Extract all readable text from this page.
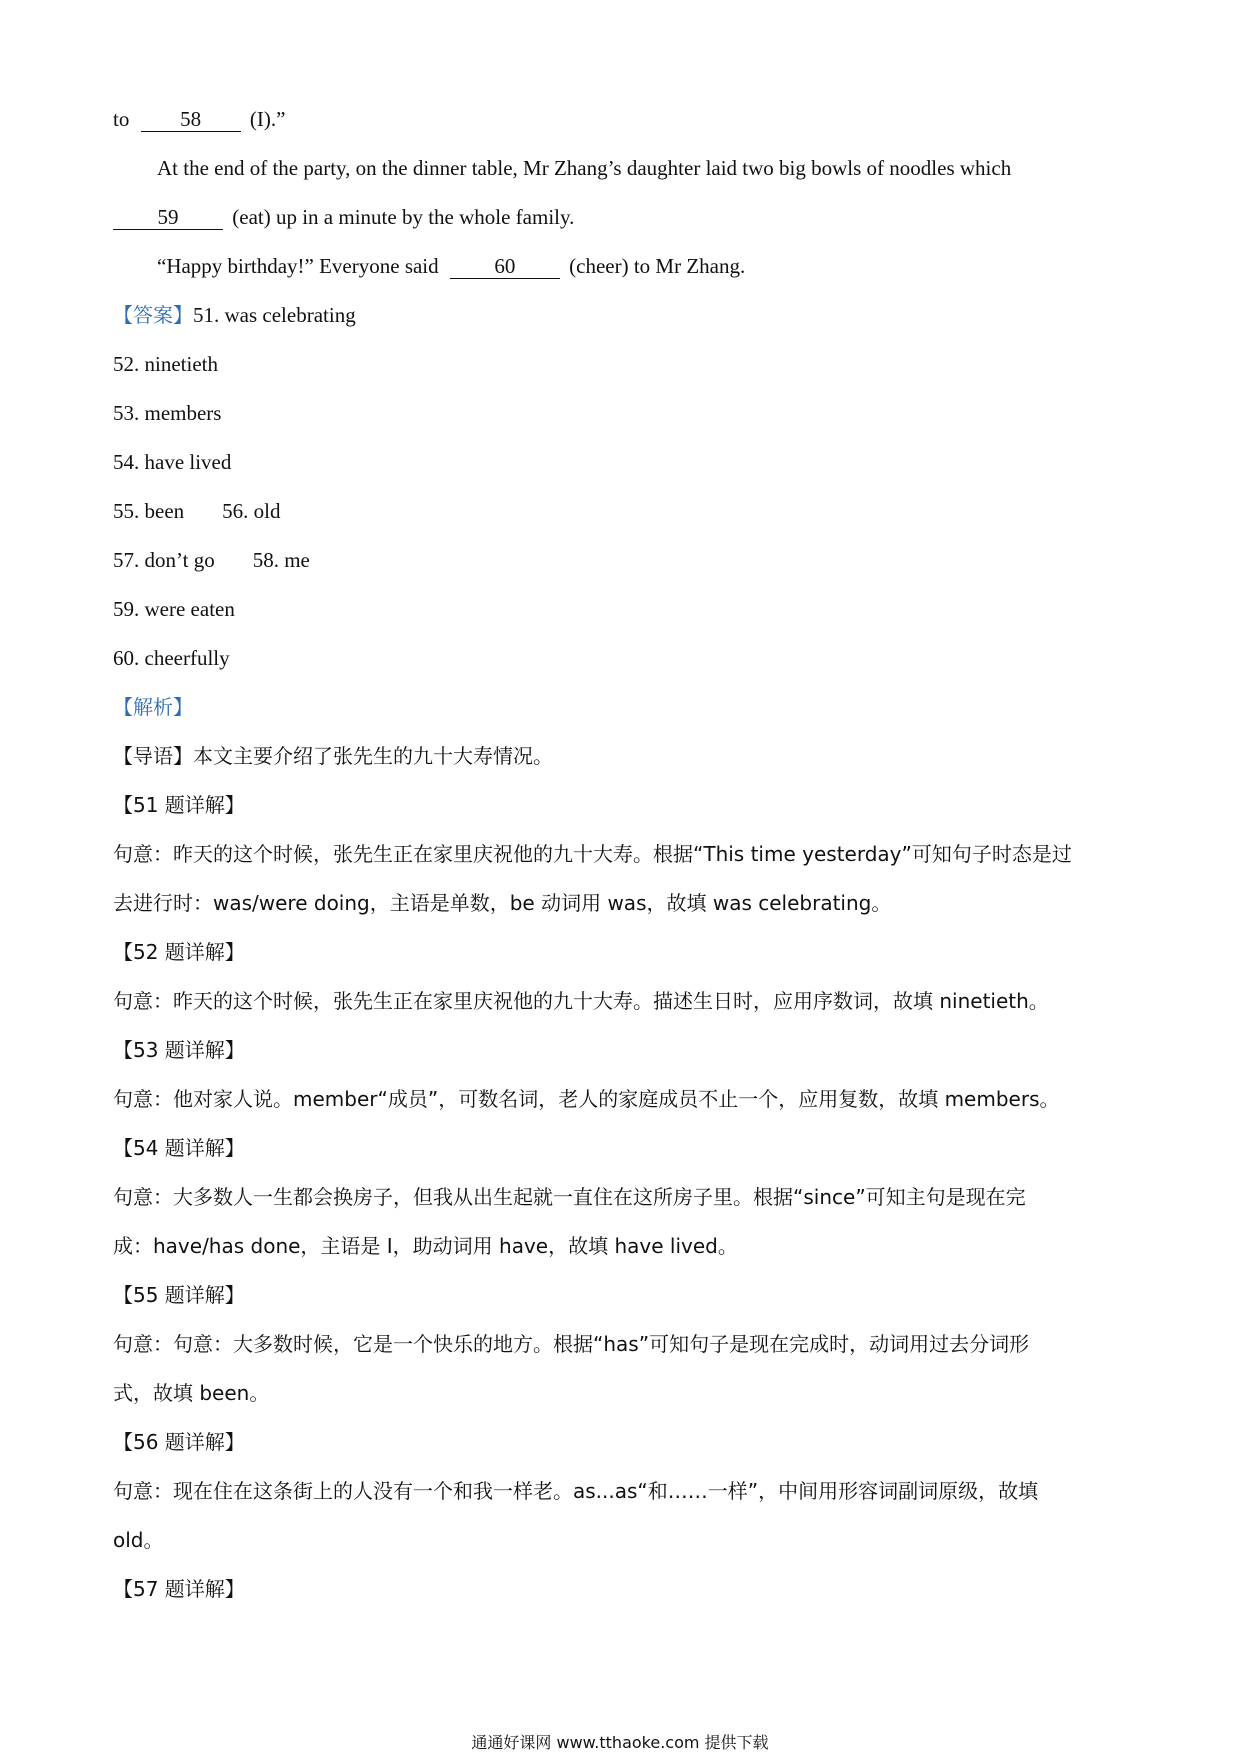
to 58 (I).”
At the end of the party, on the dinner table, Mr Zhang’s daughter laid two big bowls of noodles which
59	(eat) up in a minute by the whole family.
“Happy birthday!” Everyone said	60	(cheer) to Mr Zhang.
【答案】51. was celebrating
52. ninetieth
53. members
54. have lived
55. been 56. old
57. don’t go 58. me
59. were eaten
60. cheerfully
【解析】
【导语】本文主要介绍了张先生的九十大寿情况。
【51 题详解】
句意：昨天的这个时候，张先生正在家里庆祝他的九十大寿。根据“This time yesterday”可知句子时态是过
去进行时：was/were doing，主语是单数，be 动词用 was，故填 was celebrating。
【52 题详解】
句意：昨天的这个时候，张先生正在家里庆祝他的九十大寿。描述生日时，应用序数词，故填 ninetieth。
【53 题详解】
句意：他对家人说。member“成员”，可数名词，老人的家庭成员不止一个，应用复数，故填 members。
【54 题详解】
句意：大多数人一生都会换房子，但我从出生起就一直住在这所房子里。根据“since”可知主句是现在完
成：have/has done，主语是 I，助动词用 have，故填 have lived。
【55 题详解】
句意：句意：大多数时候，它是一个快乐的地方。根据“has”可知句子是现在完成时，动词用过去分词形
式，故填 been。
【56 题详解】
句意：现在住在这条街上的人没有一个和我一样老。as...as“和……一样”，中间用形容词副词原级，故填
old。
【57 题详解】
通通好课网 www.tthaoke.com 提供下载
